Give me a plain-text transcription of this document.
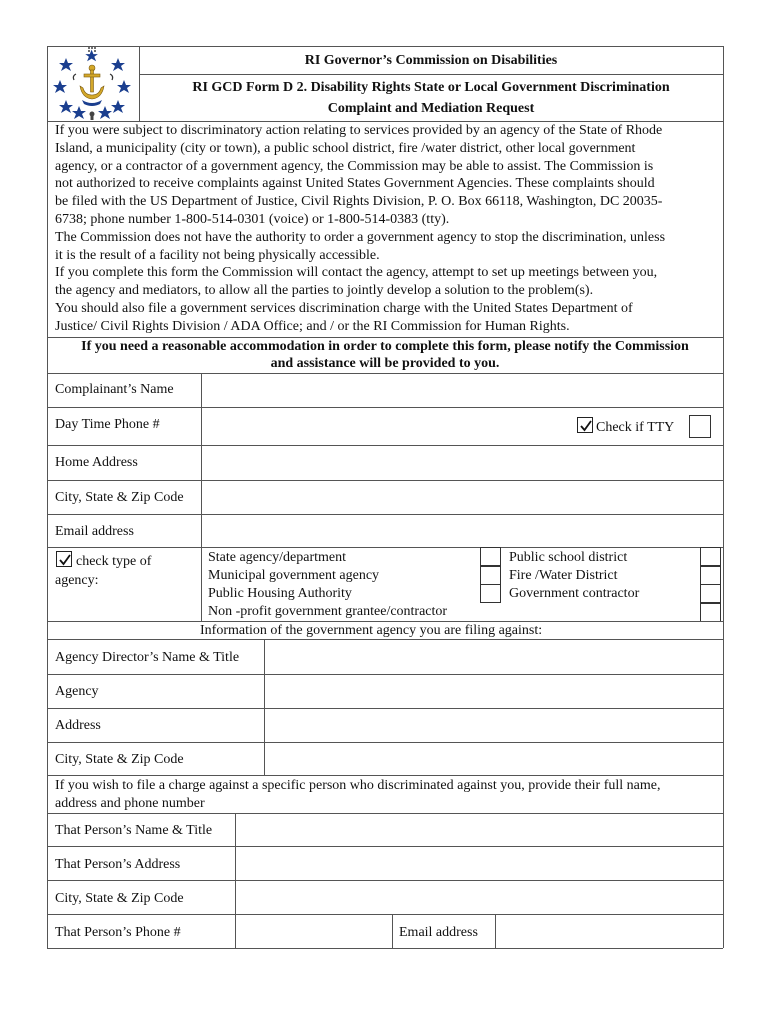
RI Governor’s Commission on Disabilities
RI GCD Form D 2. Disability Rights State or Local Government Discrimination
Complaint and Mediation Request
If you were subject to discriminatory action relating to services provided by an agency of the State of Rhode
Island, a municipality (city or town), a public school district, fire /water district, other local government
agency, or a contractor of a government agency, the Commission may be able to assist. The Commission is
not authorized to receive complaints against United States Government Agencies. These complaints should
be filed with the US Department of Justice, Civil Rights Division, P. O. Box 66118, Washington, DC 20035-
6738; phone number 1-800-514-0301 (voice) or 1-800-514-0383 (tty).
The Commission does not have the authority to order a government agency to stop the discrimination, unless
it is the result of a facility not being physically accessible.
If you complete this form the Commission will contact the agency, attempt to set up meetings between you,
the agency and mediators, to allow all the parties to jointly develop a solution to the problem(s).
You should also file a government services discrimination charge with the United States Department of
Justice/ Civil Rights Division / ADA Office; and / or the RI Commission for Human Rights.
If you need a reasonable accommodation in order to complete this form, please notify the Commission
and assistance will be provided to you.
Complainant’s Name
Day Time Phone #	Check if TTY
Home Address
City, State & Zip Code
Email address
check type of
agency:
State agency/department
Municipal government agency
Public Housing Authority
Non -profit government grantee/contractor
Public school district
Fire /Water District
Government contractor
Information of the government agency you are filing against:
Agency Director’s Name & Title
Agency
Address
City, State & Zip Code
If you wish to file a charge against a specific person who discriminated against you, provide their full name,
address and phone number
That Person’s Name & Title
That Person’s Address
City, State & Zip Code
That Person’s Phone #	Email address
